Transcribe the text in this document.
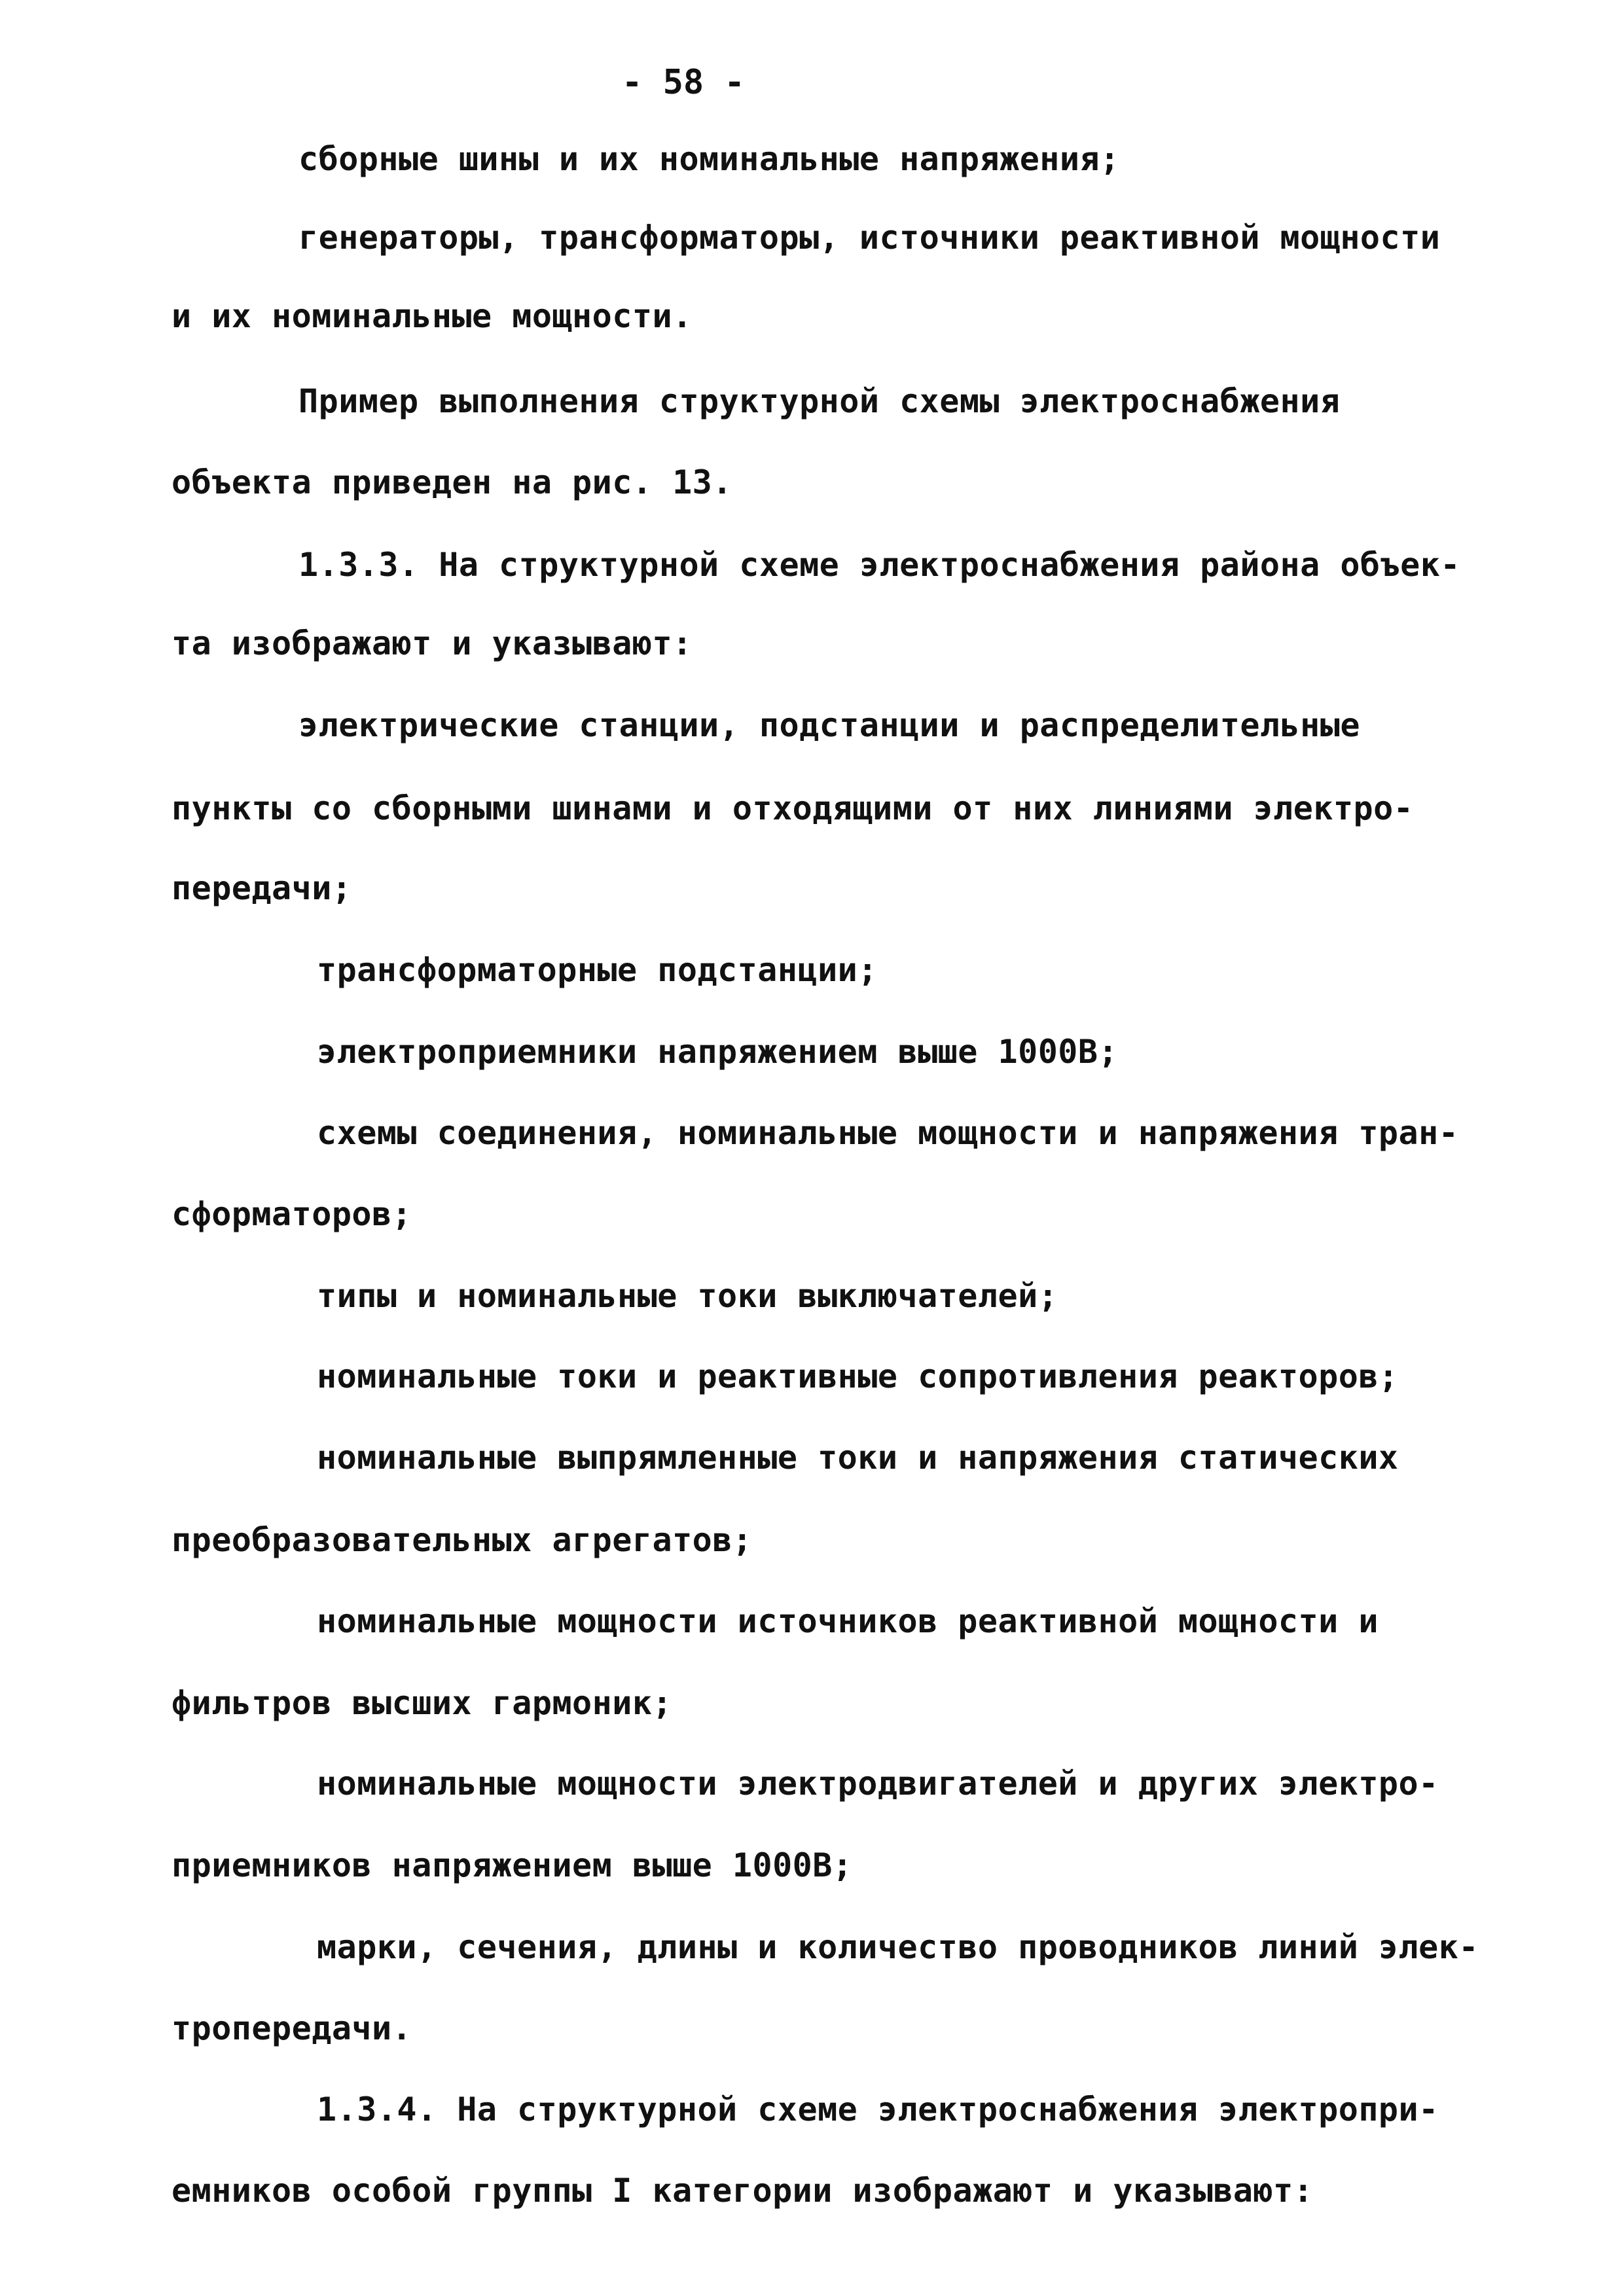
- 58 -
сборные шины и их номинальные напряжения;
генераторы, трансформаторы, источники реактивной мощности
и их номинальные мощности.
Пример выполнения структурной схемы электроснабжения
объекта приведен на рис. 13.
1.3.3. На структурной схеме электроснабжения района объек-
та изображают и указывают:
электрические станции, подстанции и распределительные
пункты со сборными шинами и отходящими от них линиями электро-
передачи;
трансформаторные подстанции;
электроприемники напряжением выше 1000В;
схемы соединения, номинальные мощности и напряжения тран-
сформаторов;
типы и номинальные токи выключателей;
номинальные токи и реактивные сопротивления реакторов;
номинальные выпрямленные токи и напряжения статических
преобразовательных агрегатов;
номинальные мощности источников реактивной мощности и
фильтров высших гармоник;
номинальные мощности электродвигателей и других электро-
приемников напряжением выше 1000В;
марки, сечения, длины и количество проводников линий элек-
тропередачи.
1.3.4. На структурной схеме электроснабжения электропри-
емников особой группы I категории изображают и указывают:
